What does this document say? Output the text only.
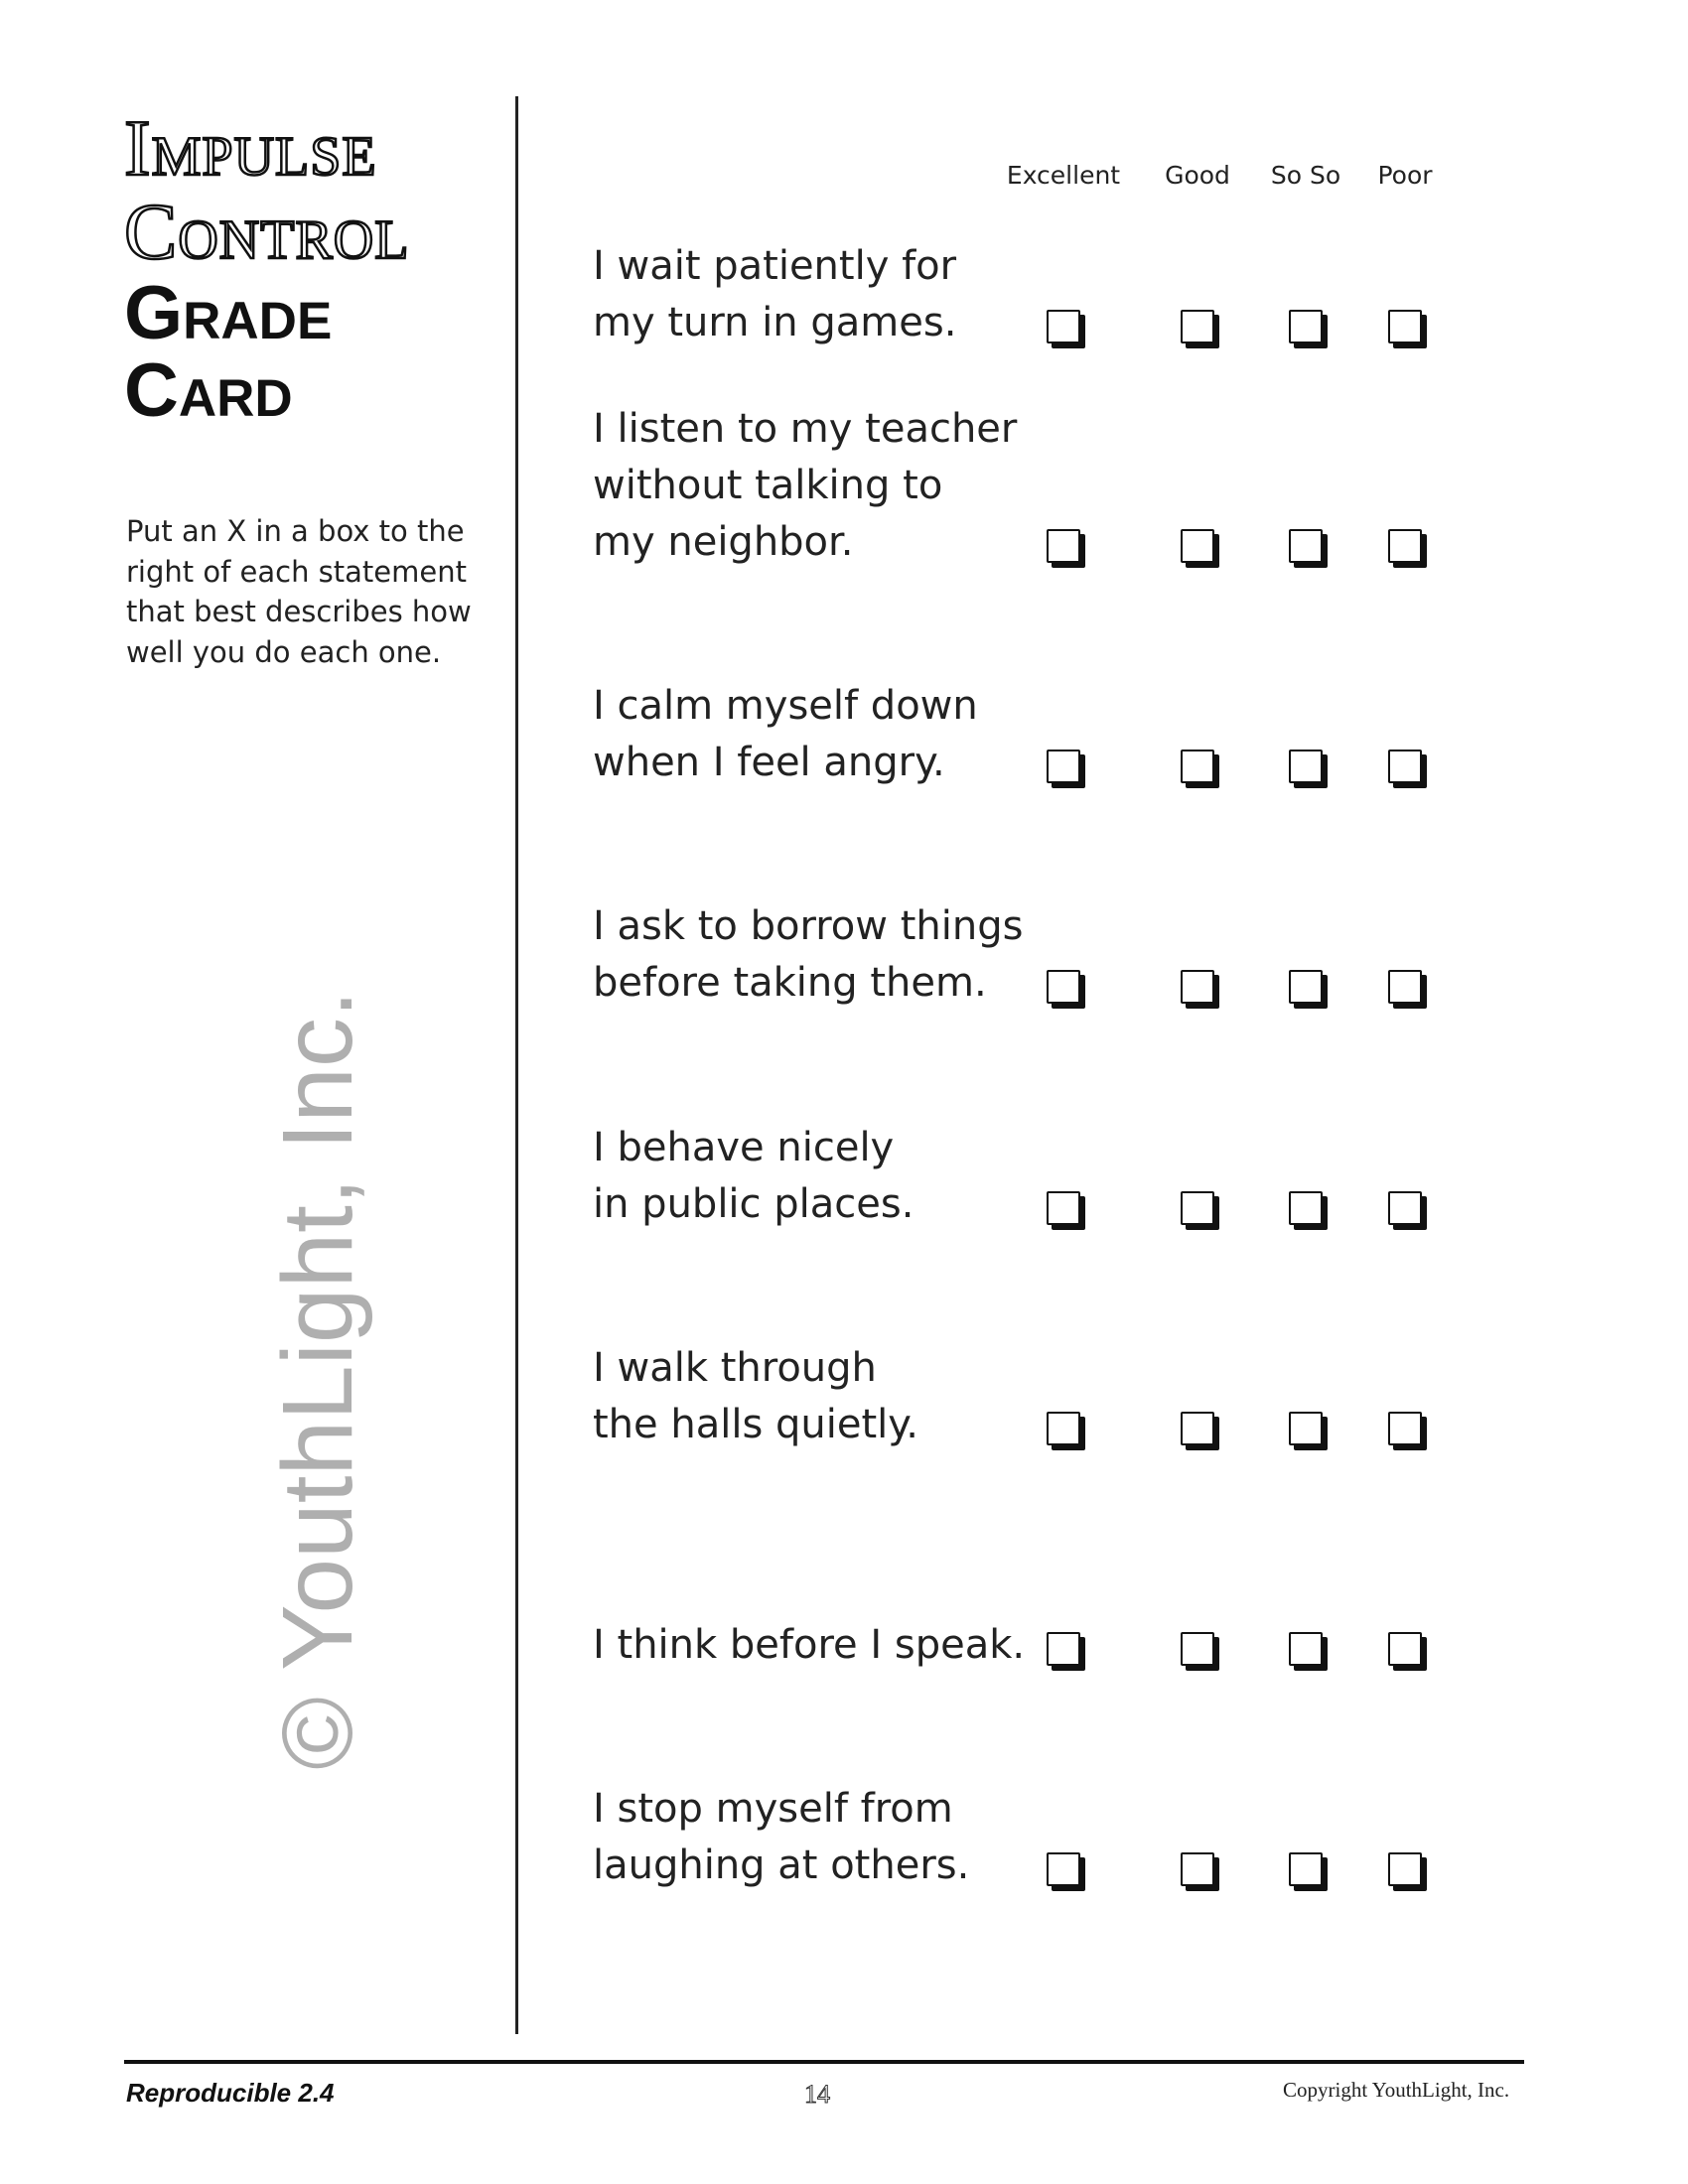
Impulse
Control
Grade
Card
Put an X in a box to the right of each statement that best describes how well you do each one.
Excellent Good So So Poor
I wait patiently for
my turn in games.
I listen to my teacher
without talking to
my neighbor.
I calm myself down
when I feel angry.
I ask to borrow things
before taking them.
I behave nicely
in public places.
I walk through
the halls quietly.
I think before I speak.
I stop myself from
laughing at others.
© YouthLight, Inc.
Reproducible 2.4	14	Copyright YouthLight, Inc.
